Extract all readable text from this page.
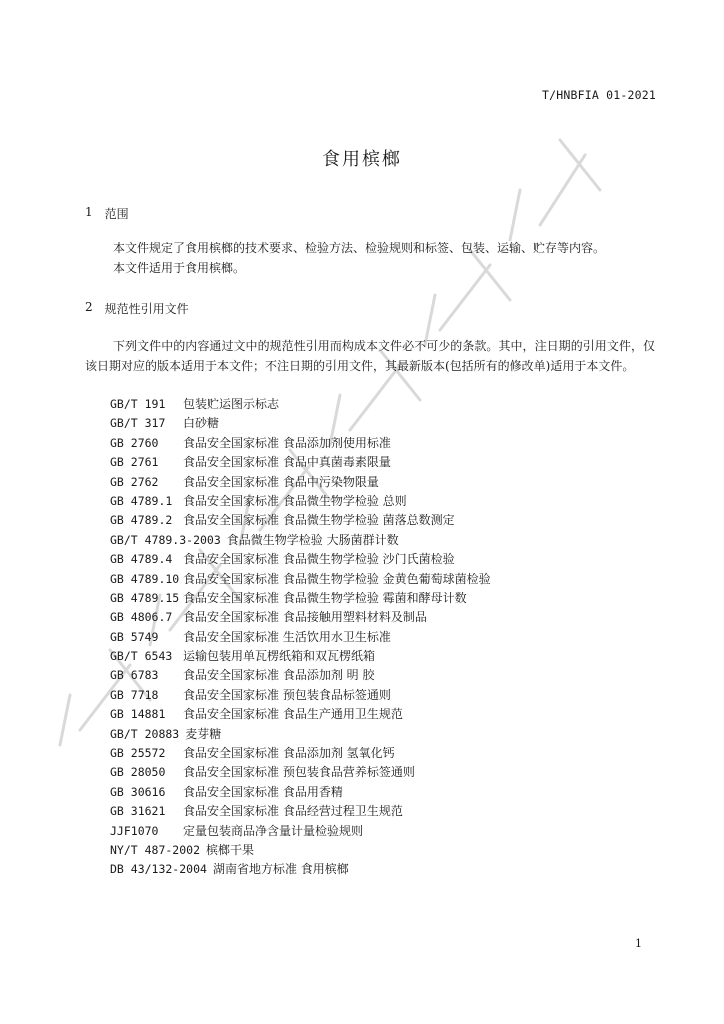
T/HNBFIA 01-2021
食用槟榔
1 范围
本文件规定了食用槟榔的技术要求、检验方法、检验规则和标签、包装、运输、贮存等内容。
本文件适用于食用槟榔。
2 规范性引用文件
下列文件中的内容通过文中的规范性引用而构成本文件必不可少的条款。其中，注日期的引用文件，仅该日期对应的版本适用于本文件；不注日期的引用文件，其最新版本(包括所有的修改单)适用于本文件。
GB/T 191	包装贮运图示标志
GB/T 317	白砂糖
GB 2760	食品安全国家标准 食品添加剂使用标准
GB 2761	食品安全国家标准 食品中真菌毒素限量
GB 2762	食品安全国家标准 食品中污染物限量
GB 4789.1 食品安全国家标准 食品微生物学检验 总则
GB 4789.2 食品安全国家标准 食品微生物学检验 菌落总数测定
GB/T 4789.3-2003 食品微生物学检验 大肠菌群计数
GB 4789.4 食品安全国家标准 食品微生物学检验 沙门氏菌检验
GB 4789.10 食品安全国家标准 食品微生物学检验 金黄色葡萄球菌检验
GB 4789.15 食品安全国家标准 食品微生物学检验 霉菌和酵母计数
GB 4806.7 食品安全国家标准 食品接触用塑料材料及制品
GB 5749	食品安全国家标准 生活饮用水卫生标准
GB/T 6543 运输包装用单瓦楞纸箱和双瓦楞纸箱
GB 6783	食品安全国家标准 食品添加剂 明 胶
GB 7718	食品安全国家标准 预包装食品标签通则
GB 14881	食品安全国家标准 食品生产通用卫生规范
GB/T 20883 麦芽糖
GB 25572	食品安全国家标准 食品添加剂 氢氧化钙
GB 28050	食品安全国家标准 预包装食品营养标签通则
GB 30616	食品安全国家标准 食品用香精
GB 31621	食品安全国家标准 食品经营过程卫生规范
JJF1070	定量包装商品净含量计量检验规则
NY/T 487-2002 槟榔干果
DB 43/132-2004 湖南省地方标准 食用槟榔
1
